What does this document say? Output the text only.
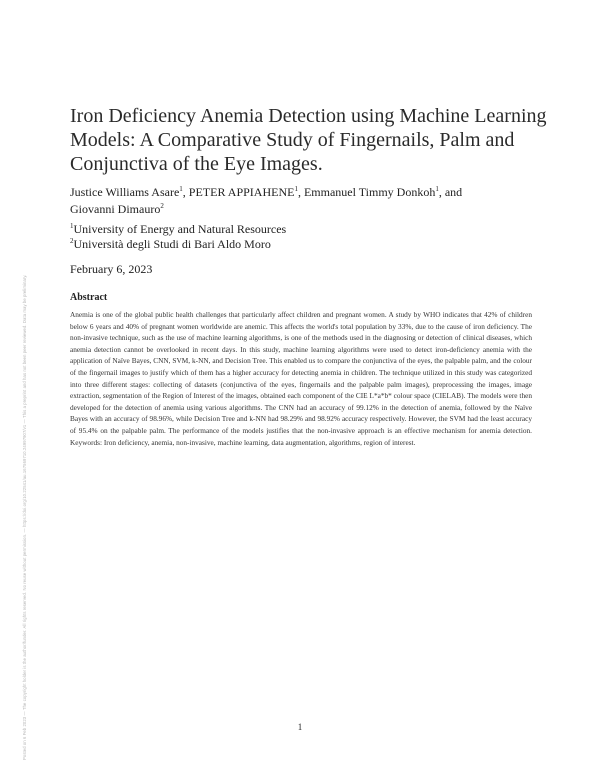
Posted on 6 Feb 2023 — The copyright holder is the author/funder. All rights reserved. No reuse without permission. — https://doi.org/10.22541/au.167569710.24997907/v1 — This a preprint and has not been peer reviewed. Data may be preliminary.
Iron Deficiency Anemia Detection using Machine Learning Models: A Comparative Study of Fingernails, Palm and Conjunctiva of the Eye Images.
Justice Williams Asare$^1$, PETER APPIAHENE$^1$, Emmanuel Timmy Donkoh$^1$, and
Giovanni Dimauro$^2$
$^1$University of Energy and Natural Resources
$^2$Università degli Studi di Bari Aldo Moro
February 6, 2023
Abstract

Anemia is one of the global public health challenges that particularly affect children and pregnant women. A study by WHO indicates that 42% of children below 6 years and 40% of pregnant women worldwide are anemic. This affects the world's total population by 33%, due to the cause of iron deficiency. The non-invasive technique, such as the use of machine learning algorithms, is one of the methods used in the diagnosing or detection of clinical diseases, which anemia detection cannot be overlooked in recent days. In this study, machine learning algorithms were used to detect iron-deficiency anemia with the application of Naïve Bayes, CNN, SVM, k-NN, and Decision Tree. This enabled us to compare the conjunctiva of the eyes, the palpable palm, and the colour of the fingernail images to justify which of them has a higher accuracy for detecting anemia in children. The technique utilized in this study was categorized into three different stages: collecting of datasets (conjunctiva of the eyes, fingernails and the palpable palm images), preprocessing the images, image extraction, segmentation of the Region of Interest of the images, obtained each component of the CIE L*a*b* colour space (CIELAB). The models were then developed for the detection of anemia using various algorithms. The CNN had an accuracy of 99.12% in the detection of anemia, followed by the Naïve Bayes with an accuracy of 98.96%, while Decision Tree and k-NN had 98.29% and 98.92% accuracy respectively. However, the SVM had the least accuracy of 95.4% on the palpable palm. The performance of the models justifies that the non-invasive approach is an effective mechanism for anemia detection. Keywords: Iron deficiency, anemia, non-invasive, machine learning, data augmentation, algorithms, region of interest.

1
